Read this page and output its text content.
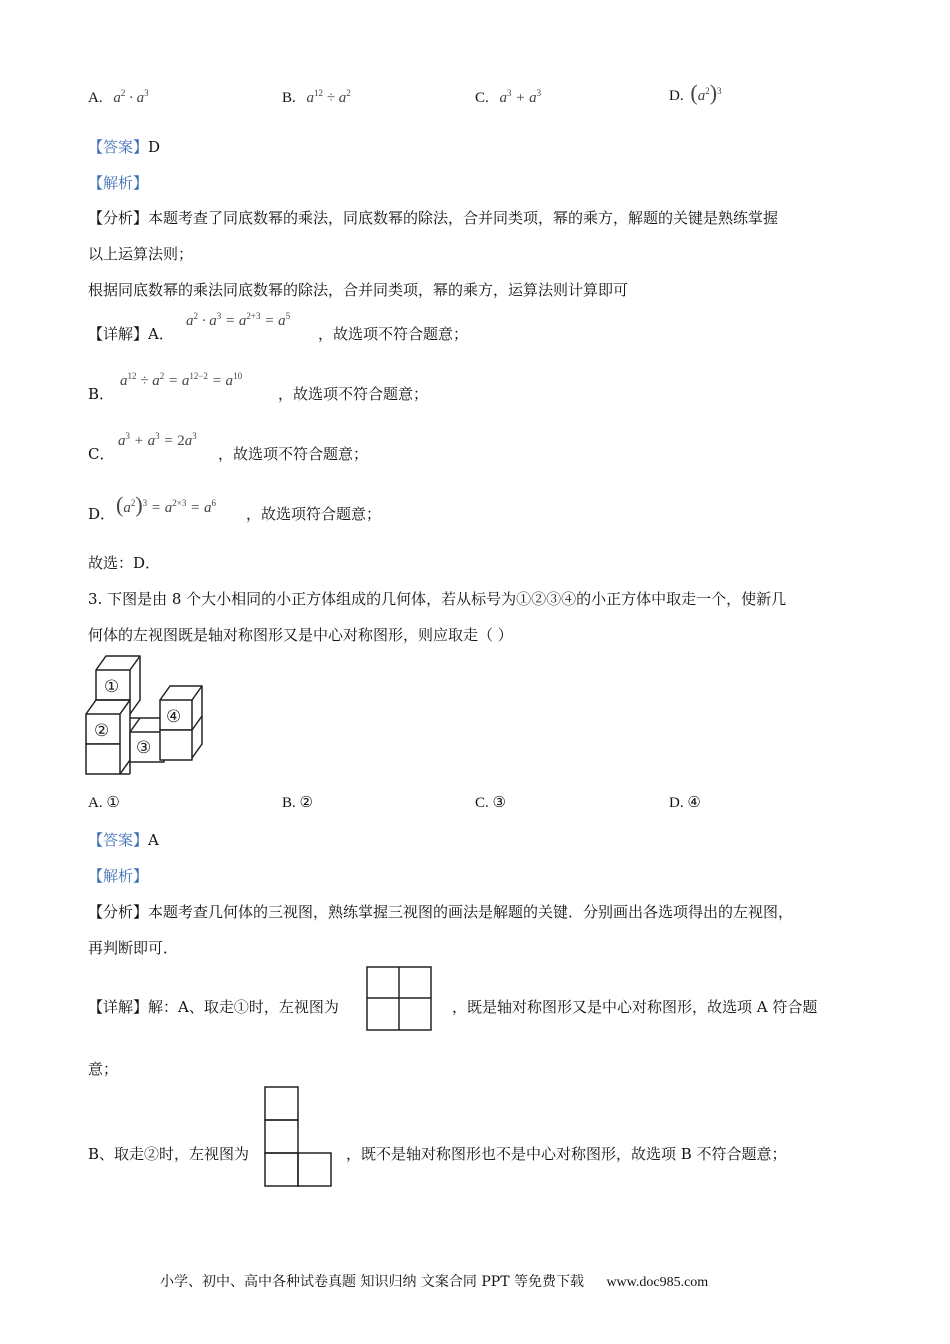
A. $a^2 \cdot a^3$	B. $a^{12} \div a^2$	C. $a^3 + a^3$	D. $(a^2)^3$
【答案】D
【解析】
【分析】本题考查了同底数幂的乘法，同底数幂的除法，合并同类项，幂的乘方，解题的关键是熟练掌握
以上运算法则；
根据同底数幂的乘法同底数幂的除法，合并同类项，幂的乘方，运算法则计算即可
【详解】A．
$a^2 \cdot a^3 = a^{2+3} = a^5$
，故选项不符合题意；
B．
$a^{12} \div a^2 = a^{12-2} = a^{10}$
，故选项不符合题意；
C．
$a^3 + a^3 = 2a^3$
，故选项不符合题意；
D． $(a^2)^3 = a^{2\times 3} = a^6$
，故选项符合题意；
故选：D．
3. 下图是由 8 个大小相同的小正方体组成的几何体，若从标号为①②③④的小正方体中取走一个，使新几
何体的左视图既是轴对称图形又是中心对称图形，则应取走（ ）
①
②
③
④
A. ①	B. ②	C. ③	D. ④
【答案】A
【解析】
【分析】本题考查几何体的三视图，熟练掌握三视图的画法是解题的关键．分别画出各选项得出的左视图，
再判断即可．
【详解】解：A、取走①时，左视图为	，既是轴对称图形又是中心对称图形，故选项 A 符合题
意；
B、取走②时，左视图为	，既不是轴对称图形也不是中心对称图形，故选项 B 不符合题意；
小学、初中、高中各种试卷真题 知识归纳 文案合同 PPT 等免费下载 www.doc985.com
